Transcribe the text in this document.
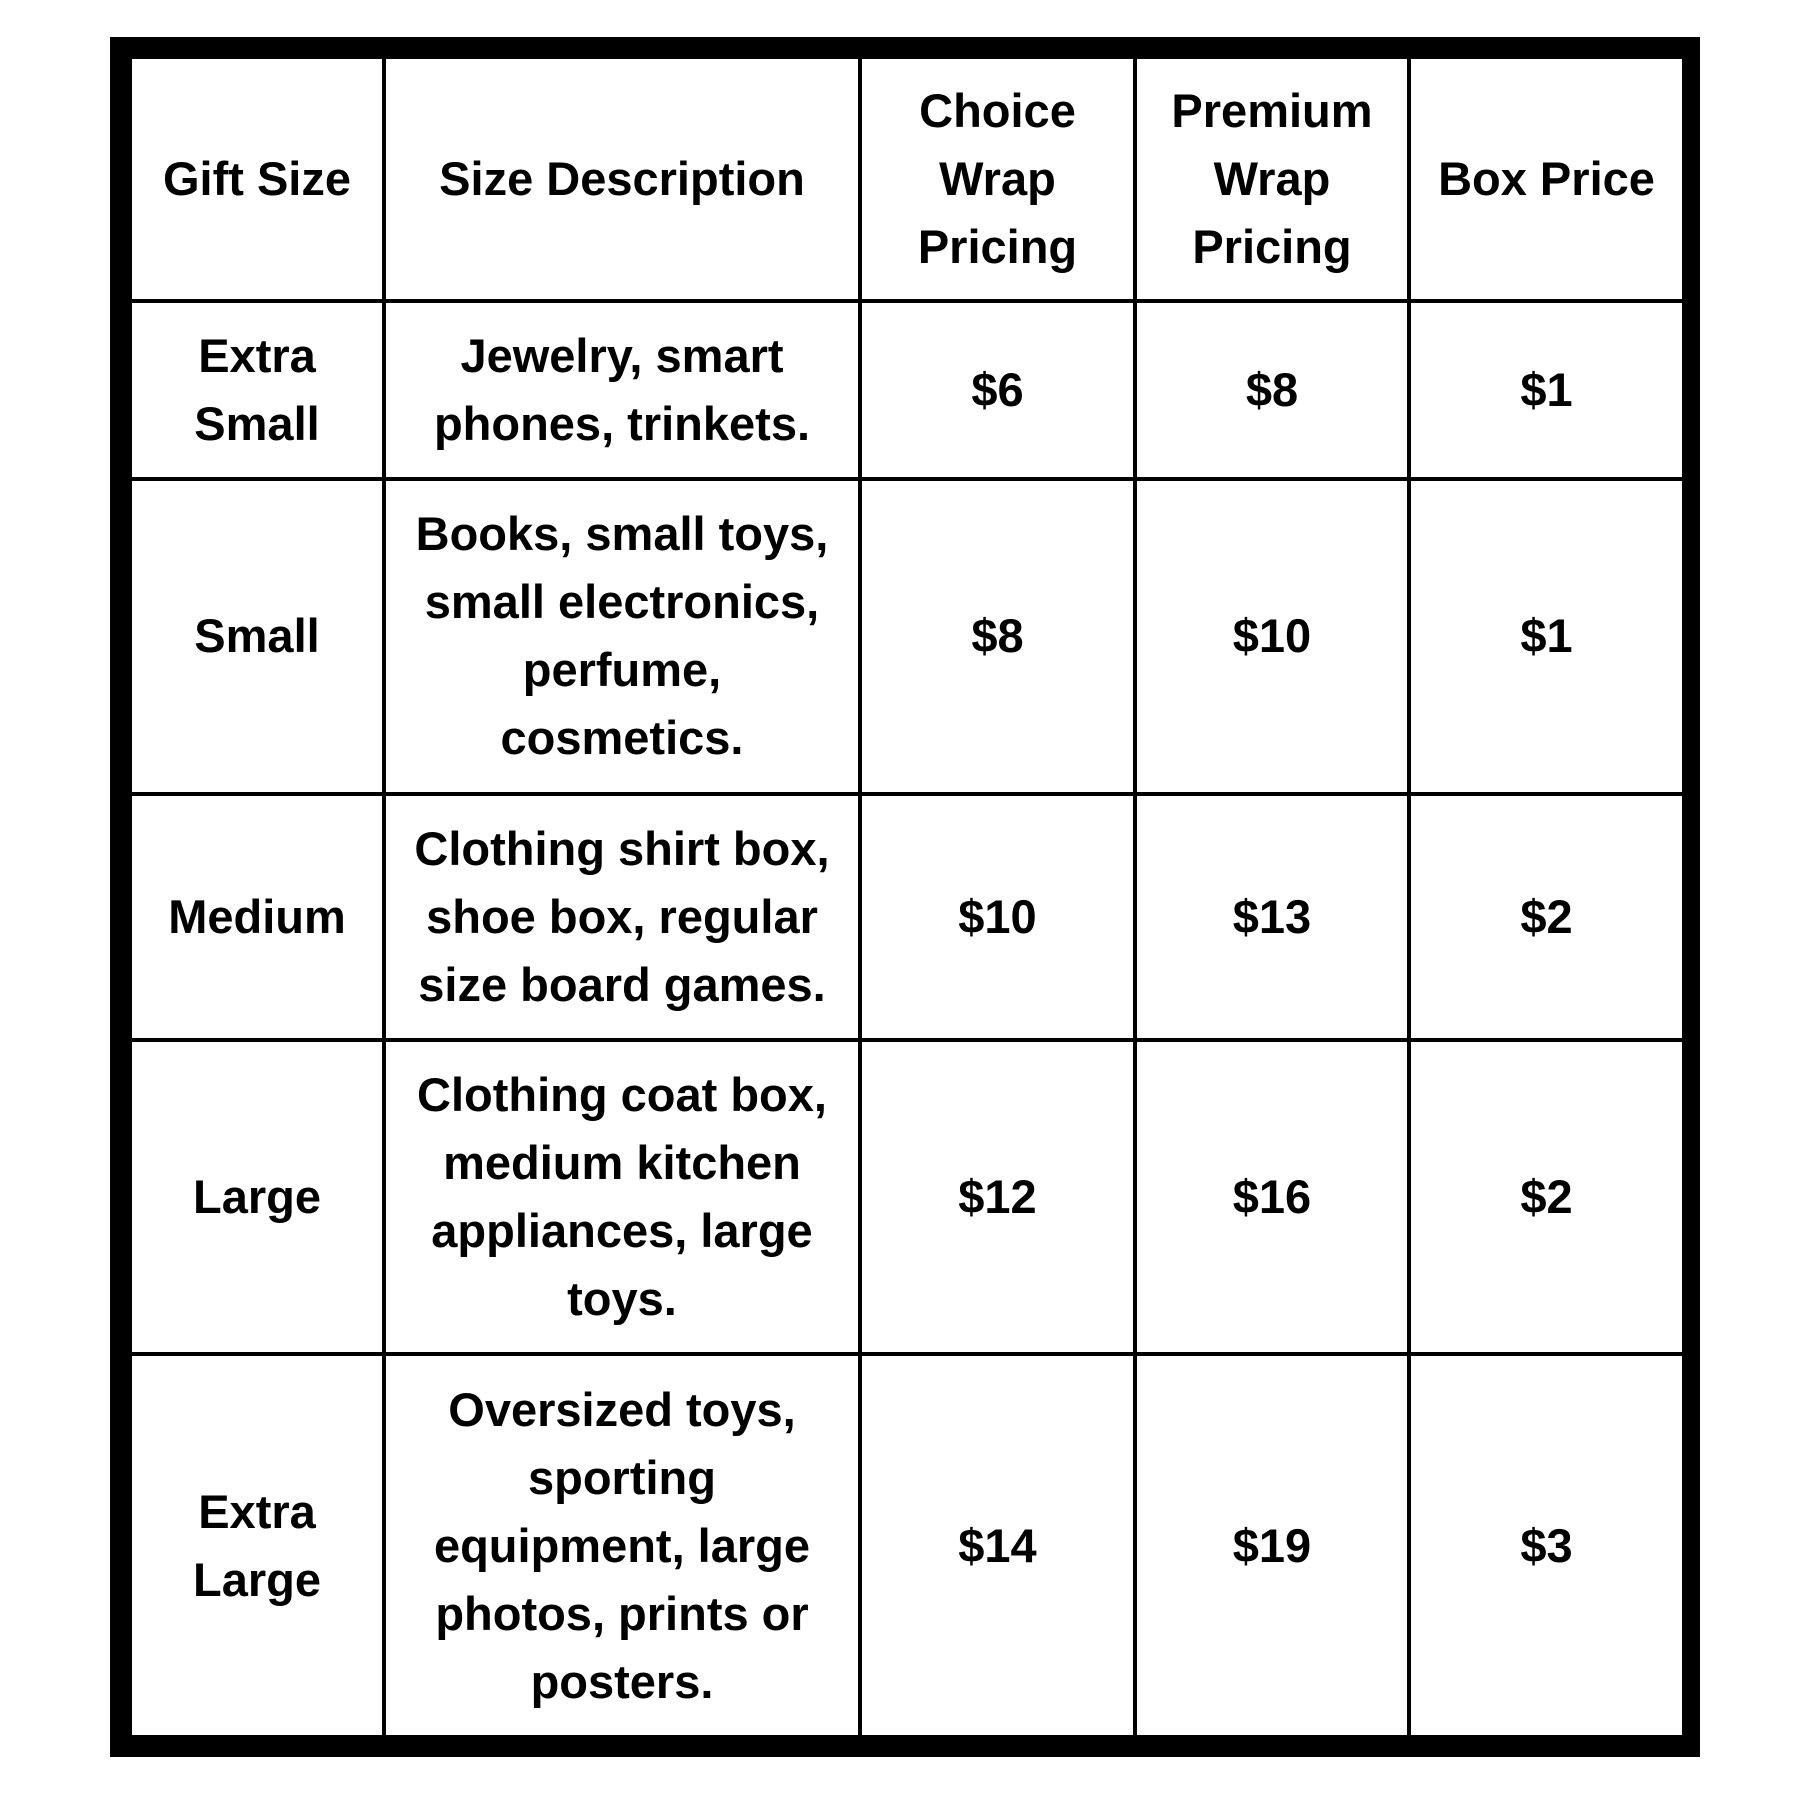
Gift Size	Size Description	Choice Wrap Pricing	Premium Wrap Pricing	Box Price
Extra Small	Jewelry, smart phones, trinkets.	$6	$8	$1
Small	Books, small toys, small electronics, perfume, cosmetics.	$8	$10	$1
Medium	Clothing shirt box, shoe box, regular size board games.	$10	$13	$2
Large	Clothing coat box, medium kitchen appliances, large toys.	$12	$16	$2
Extra Large	Oversized toys, sporting equipment, large photos, prints or posters.	$14	$19	$3
